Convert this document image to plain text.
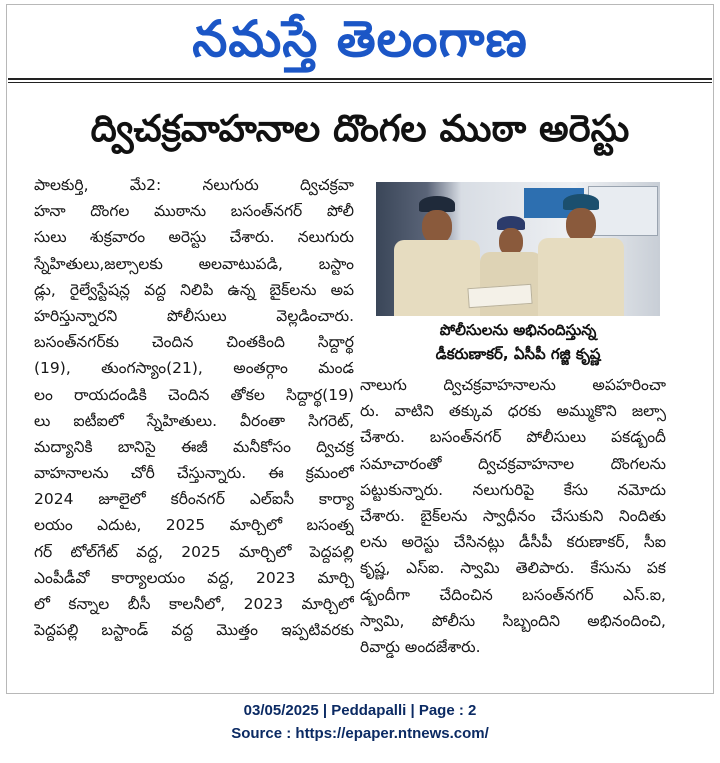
నమస్తే తెలంగాణ
ద్విచక్రవాహనాల దొంగల ముఠా అరెస్టు
పాలకుర్తి, మే2: నలుగురు ద్విచక్రవా
హనా దొంగల ముఠాను బసంత్‌నగర్ పోలీ
సులు శుక్రవారం అరెస్టు చేశారు. నలుగురు
స్నేహితులు,జల్సాలకు అలవాటుపడి, బస్టాం
డ్లు, రైల్వేస్టేషన్ల వద్ద నిలిపి ఉన్న బైక్‌లను అప
హరిస్తున్నారని పోలీసులు వెల్లడించారు.
బసంత్‌నగర్‌కు చెందిన చింతకింది సిద్దార్థ
(19), తుంగస్యాం(21), అంతర్గాం మండ
లం రాయదండికి చెందిన తోకల సిద్దార్థ(19)
లు ఐటీఐలో స్నేహితులు. వీరంతా సిగరెట్,
మద్యానికి బానిసై ఈజీ మనీకోసం ద్విచక్ర
వాహనాలను చోరీ చేస్తున్నారు. ఈ క్రమంలో
2024 జూలైలో కరీంనగర్ ఎల్ఐసీ కార్యా
లయం ఎదుట, 2025 మార్చిలో బసంత్న
గర్ టోల్‌గేట్ వద్ద, 2025 మార్చిలో పెద్దపల్లి
ఎంపీడీవో కార్యాలయం వద్ద, 2023 మార్చి
లో కన్నాల బీసీ కాలనీలో, 2023 మార్చిలో
పెద్దపల్లి బస్టాండ్ వద్ద మొత్తం ఇప్పటివరకు
పోలీసులను అభినందిస్తున్న
డీకరుణాకర్, ఏసీపీ గజ్జి కృష్ణ
నాలుగు ద్విచక్రవాహనాలను అపహరించా
రు. వాటిని తక్కువ ధరకు అమ్ముకొని జల్సా
చేశారు. బసంత్‌నగర్ పోలీసులు పకడ్బందీ
సమాచారంతో ద్విచక్రవాహనాల దొంగలను
పట్టుకున్నారు. నలుగురిపై కేసు నమోదు
చేశారు. బైక్‌లను స్వాధీనం చేసుకుని నిందితు
లను అరెస్టు చేసినట్లు డీసీపీ కరుణాకర్, సీఐ
కృష్ణ, ఎస్ఐ. స్వామి తెలిపారు. కేసును పక
డ్బందీగా చేదించిన బసంత్‌నగర్ ఎస్.ఐ,
స్వామి, పోలీసు సిబ్బందిని అభినందించి,
రివార్డు అందజేశారు.
03/05/2025 | Peddapalli | Page : 2
Source : https://epaper.ntnews.com/
